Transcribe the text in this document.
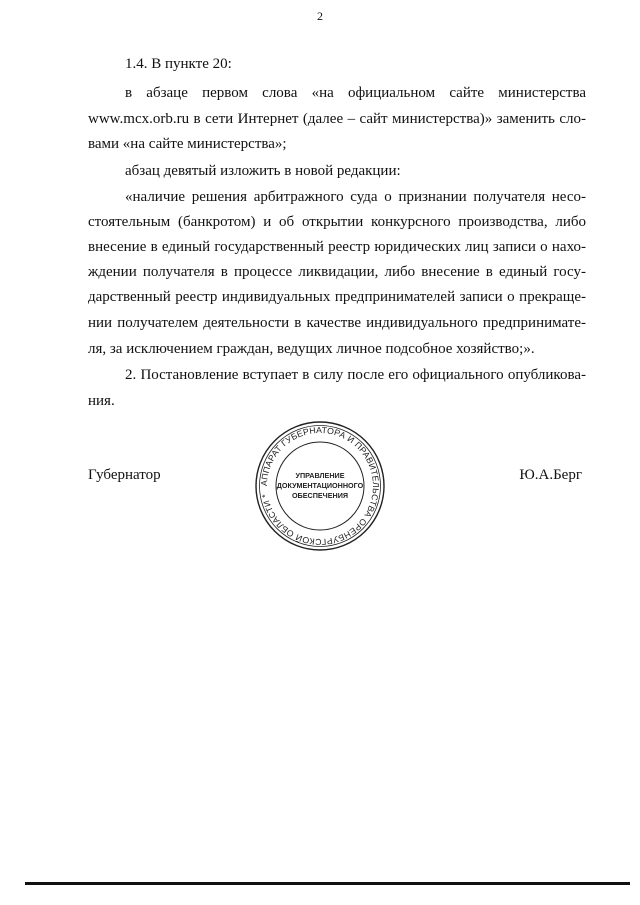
2
1.4. В пункте 20:
в абзаце первом слова «на официальном сайте министерства
www.mcx.orb.ru в сети Интернет (далее – сайт министерства)» заменить сло-
вами «на сайте министерства»;
абзац девятый изложить в новой редакции:
«наличие решения арбитражного суда о признании получателя несо-
стоятельным (банкротом) и об открытии конкурсного производства, либо
внесение в единый государственный реестр юридических лиц записи о нахо-
ждении получателя в процессе ликвидации, либо внесение в единый госу-
дарственный реестр индивидуальных предпринимателей записи о прекраще-
нии получателем деятельности в качестве индивидуального предпринимате-
ля, за исключением граждан, ведущих личное подсобное хозяйство;».
2. Постановление вступает в силу после его официального опубликова-
ния.
Губернатор	АППАРАТ ГУБЕРНАТОРА И ПРАВИТЕЛЬСТВА ОРЕНБУРГСКОЙ ОБЛАСТИ *
УПРАВЛЕНИЕ
ДОКУМЕНТАЦИОННОГО
ОБЕСПЕЧЕНИЯ
Ю.А.Берг
